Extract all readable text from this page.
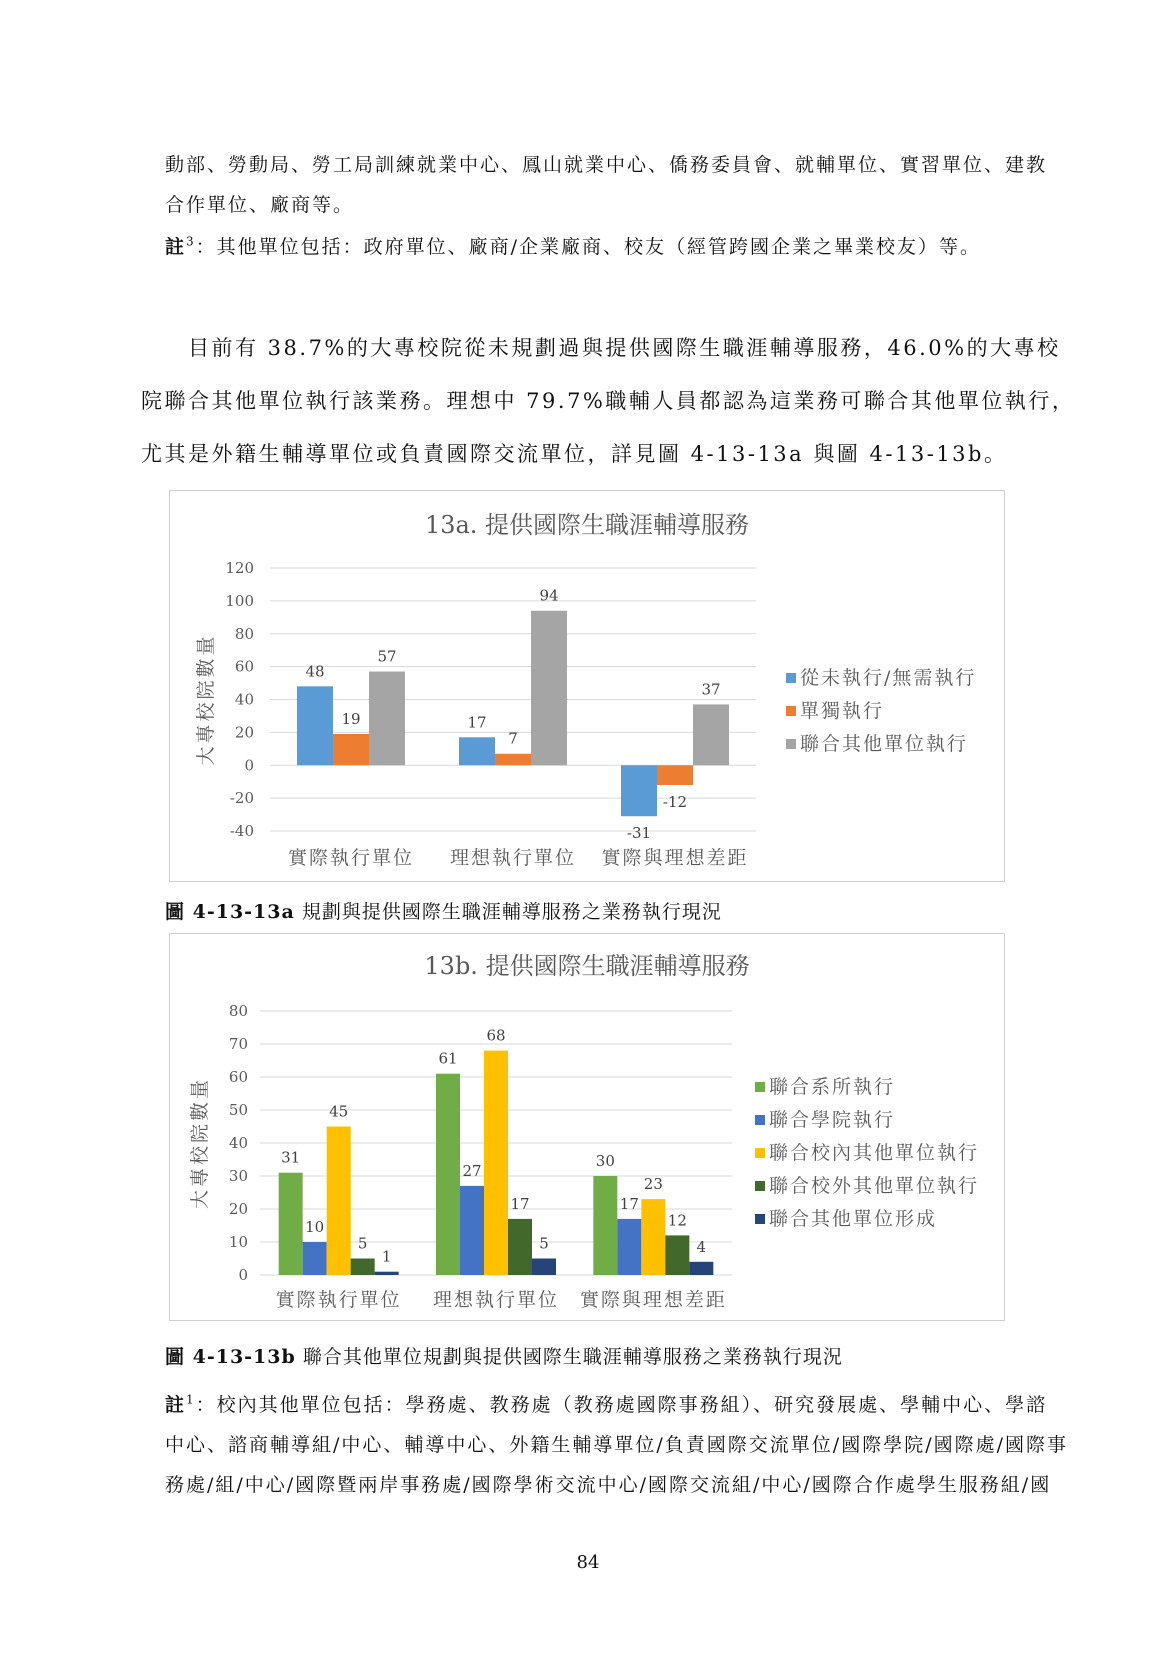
動部、勞動局、勞工局訓練就業中心、鳳山就業中心、僑務委員會、就輔單位、實習單位、建教
合作單位、廠商等。
註$^3$：其他單位包括：政府單位、廠商/企業廠商、校友（經管跨國企業之畢業校友）等。
目前有 38.7%的大專校院從未規劃過與提供國際生職涯輔導服務，46.0%的大專校
院聯合其他單位執行該業務。理想中 79.7%職輔人員都認為這業務可聯合其他單位執行，
尤其是外籍生輔導單位或負責國際交流單位，詳見圖 4-13-13a 與圖 4-13-13b。
13a. 提供國際生職涯輔導服務
-40
-20
0
20
40
60
80
100
120
大專校院數量	48
19
57
實際執行單位
17
7
94
理想執行單位
-31
-12
37
實際與理想差距
從未執行/無需執行
單獨執行
聯合其他單位執行
圖 4-13-13a 規劃與提供國際生職涯輔導服務之業務執行現況
13b. 提供國際生職涯輔導服務
0
10
20
30
40
50
60
70
80
大專校院數量	31
10
45
5
1
實際執行單位
61
27
68
17
5
理想執行單位
30
17
23
12
4
實際與理想差距
聯合系所執行
聯合學院執行
聯合校內其他單位執行
聯合校外其他單位執行
聯合其他單位形成
圖 4-13-13b 聯合其他單位規劃與提供國際生職涯輔導服務之業務執行現況
註$^1$：校內其他單位包括：學務處、教務處（教務處國際事務組）、研究發展處、學輔中心、學諮
中心、諮商輔導組/中心、輔導中心、外籍生輔導單位/負責國際交流單位/國際學院/國際處/國際事
務處/組/中心/國際暨兩岸事務處/國際學術交流中心/國際交流組/中心/國際合作處學生服務組/國
84
